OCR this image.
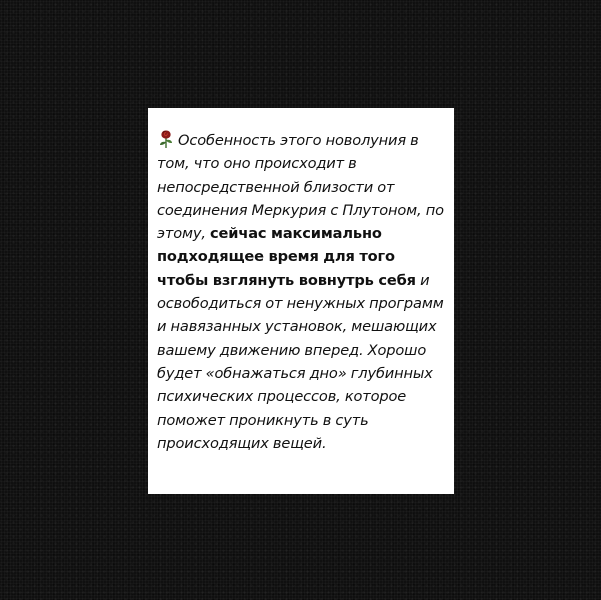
Особенность этого новолуния в том, что оно происходит в непосредственной близости от соединения Меркурия с Плутоном, по этому, сейчас максимально подходящее время для того чтобы взглянуть вовнутрь себя и освободиться от ненужных программ и навязанных установок, мешающих вашему движению вперед. Хорошо будет «обнажаться дно» глубинных психических процессов, которое поможет проникнуть в суть происходящих вещей.
